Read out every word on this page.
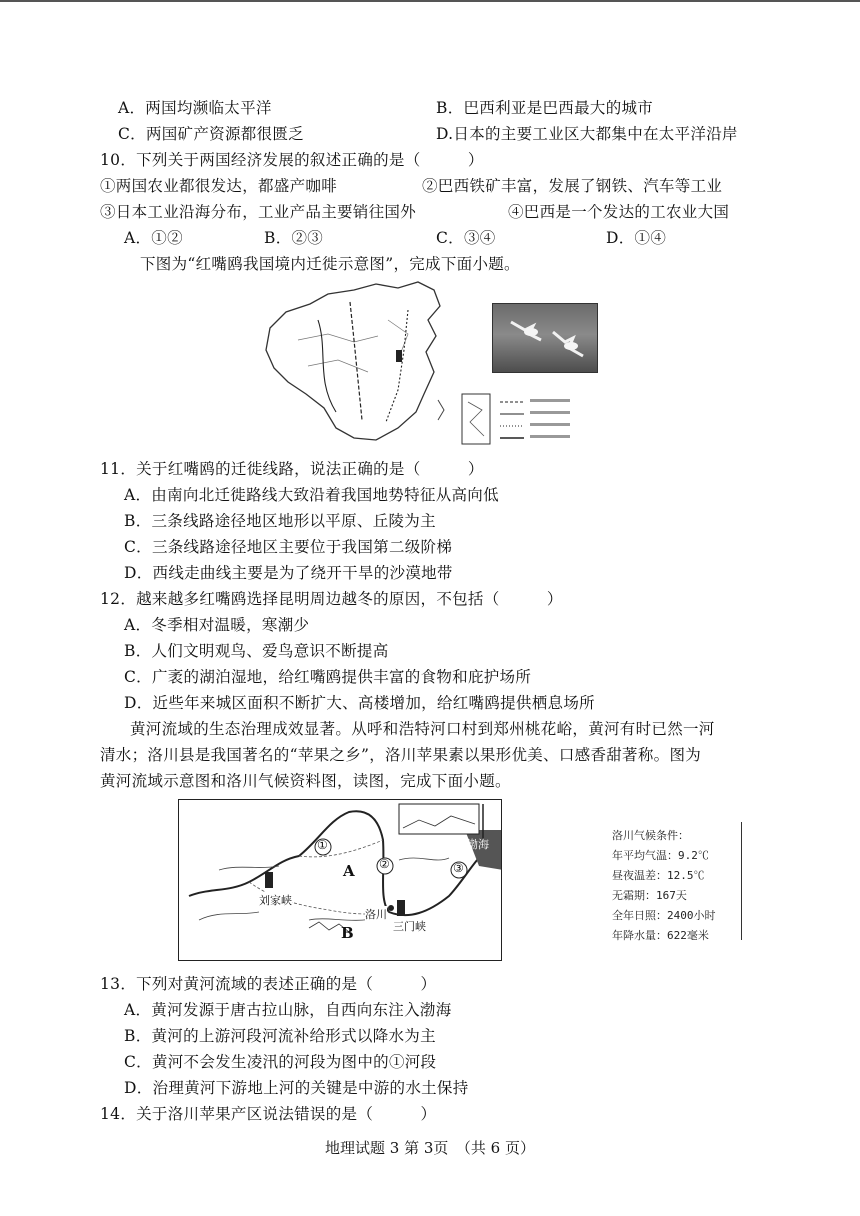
A．两国均濒临太平洋	B．巴西利亚是巴西最大的城市
C．两国矿产资源都很匮乏	D.日本的主要工业区大都集中在太平洋沿岸
10．下列关于两国经济发展的叙述正确的是（　　　）
①两国农业都很发达，都盛产咖啡	②巴西铁矿丰富，发展了钢铁、汽车等工业
③日本工业沿海分布，工业产品主要销往国外	④巴西是一个发达的工农业大国
A．①②	B．②③	C．③④	D．①④
下图为“红嘴鸥我国境内迁徙示意图”，完成下面小题。
11．关于红嘴鸥的迁徙线路，说法正确的是（　　　）
A．由南向北迁徙路线大致沿着我国地势特征从高向低
B．三条线路途径地区地形以平原、丘陵为主
C．三条线路途径地区主要位于我国第二级阶梯
D．西线走曲线主要是为了绕开干旱的沙漠地带
12．越来越多红嘴鸥选择昆明周边越冬的原因，不包括（　　　）
A．冬季相对温暖，寒潮少
B．人们文明观鸟、爱鸟意识不断提高
C．广袤的湖泊湿地，给红嘴鸥提供丰富的食物和庇护场所
D．近些年来城区面积不断扩大、高楼增加，给红嘴鸥提供栖息场所
黄河流域的生态治理成效显著。从呼和浩特河口村到郑州桃花峪，黄河有时已然一河
清水；洛川县是我国著名的“苹果之乡”，洛川苹果素以果形优美、口感香甜著称。图为
黄河流域示意图和洛川气候资料图，读图，完成下面小题。
①
②	③
A
B
刘家峡
三门峡
洛川
渤海
洛川气候条件：
年平均气温：9.2℃
昼夜温差：12.5℃
无霜期：167天
全年日照：2400小时
年降水量：622毫米
13．下列对黄河流域的表述正确的是（　　　）
A．黄河发源于唐古拉山脉，自西向东注入渤海
B．黄河的上游河段河流补给形式以降水为主
C．黄河不会发生凌汛的河段为图中的①河段
D．治理黄河下游地上河的关键是中游的水土保持
14．关于洛川苹果产区说法错误的是（　　　）
地理试题 3 第 3页　（共 6 页）
